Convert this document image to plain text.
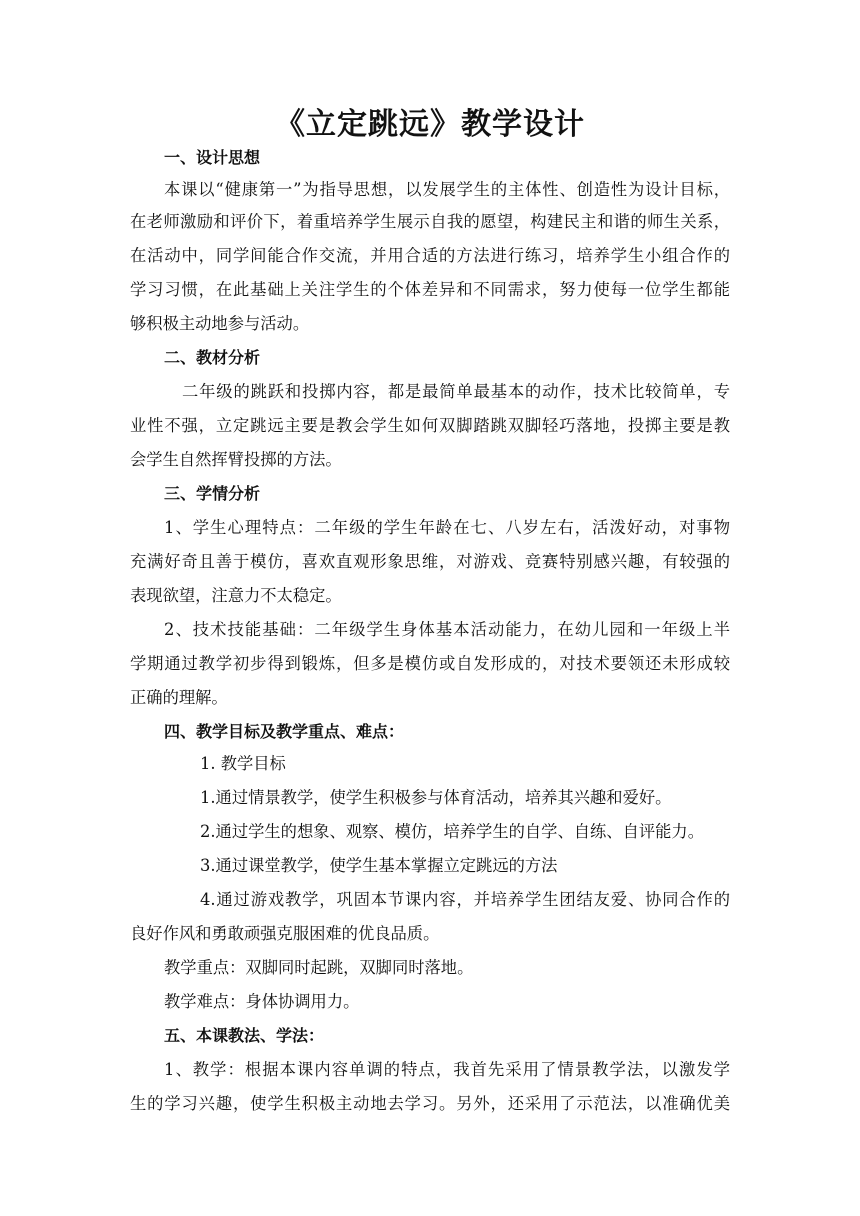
《立定跳远》教学设计
一、设计思想
本课以“健康第一”为指导思想，以发展学生的主体性、创造性为设计目标，
在老师激励和评价下，着重培养学生展示自我的愿望，构建民主和谐的师生关系，
在活动中，同学间能合作交流，并用合适的方法进行练习，培养学生小组合作的
学习习惯，在此基础上关注学生的个体差异和不同需求，努力使每一位学生都能
够积极主动地参与活动。
二、教材分析
二年级的跳跃和投掷内容，都是最简单最基本的动作，技术比较简单，专
业性不强，立定跳远主要是教会学生如何双脚踏跳双脚轻巧落地，投掷主要是教
会学生自然挥臂投掷的方法。
三、学情分析
1、学生心理特点：二年级的学生年龄在七、八岁左右，活泼好动，对事物
充满好奇且善于模仿，喜欢直观形象思维，对游戏、竞赛特别感兴趣，有较强的
表现欲望，注意力不太稳定。
2、技术技能基础：二年级学生身体基本活动能力，在幼儿园和一年级上半
学期通过教学初步得到锻炼，但多是模仿或自发形成的，对技术要领还未形成较
正确的理解。
四、教学目标及教学重点、难点：
1. 教学目标
1.通过情景教学，使学生积极参与体育活动，培养其兴趣和爱好。
2.通过学生的想象、观察、模仿，培养学生的自学、自练、自评能力。
3.通过课堂教学，使学生基本掌握立定跳远的方法
4.通过游戏教学，巩固本节课内容，并培养学生团结友爱、协同合作的
良好作风和勇敢顽强克服困难的优良品质。
教学重点：双脚同时起跳，双脚同时落地。
教学难点：身体协调用力。
五、本课教法、学法：
1、教学：根据本课内容单调的特点，我首先采用了情景教学法，以激发学
生的学习兴趣，使学生积极主动地去学习。另外，还采用了示范法，以准确优美
